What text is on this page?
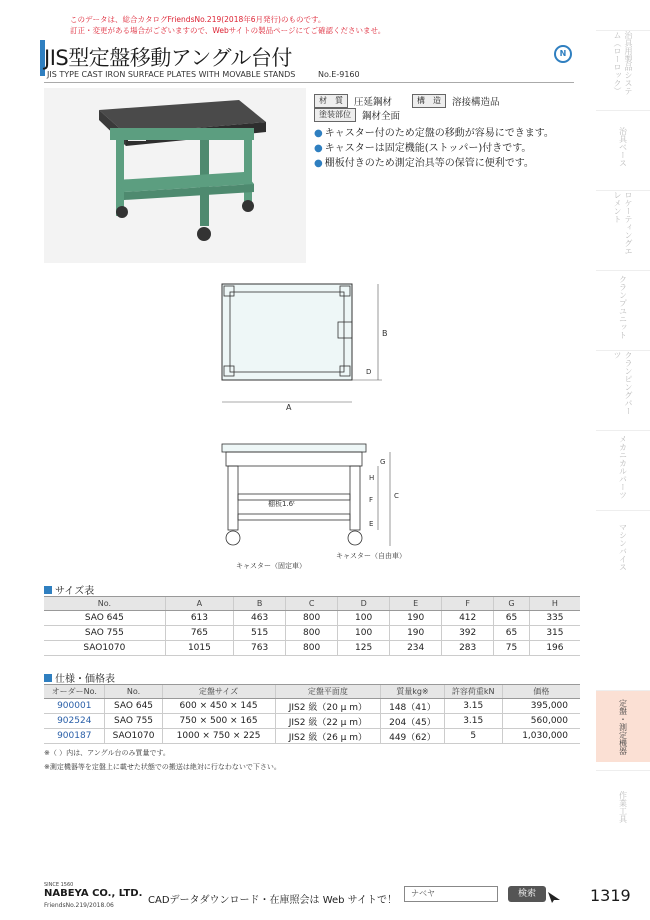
このデータは、総合カタログFriendsNo.219(2018年6月発行)のものです。
訂正・変更がある場合がございますので、Webサイトの製品ページにてご確認くださいませ。
JIS型定盤移動アングル台付
JIS TYPE CAST IRON SURFACE PLATES WITH MOVABLE STANDS	No.E-9160
N
材　質	圧延鋼材	構　造	溶接構造品
塗装部位	鋼材全面
● キャスター付のため定盤の移動が容易にできます。
● キャスターは固定機能(ストッパー)付きです。
● 棚板付きのため測定治具等の保管に便利です。
B
A
D
G
H
F
E
C
棚板1.6ᵗ
キャスター（自由車）
キャスター（固定車）
サイズ表
No.	A	B	C	D	E	F	G	H
SAO 645	613	463	800	100	190	412	65	335
SAO 755	765	515	800	100	190	392	65	315
SAO1070	1015	763	800	125	234	283	75	196
仕様・価格表
オーダーNo.	No.	定盤サイズ	定盤平面度	質量kg※	許容荷重kN	価格
900001	SAO 645	600 × 450 × 145	JIS2 級（20 μ m）	148（41）	3.15	395,000
902524	SAO 755	750 × 500 × 165	JIS2 級（22 μ m）	204（45）	3.15	560,000
900187	SAO1070	1000 × 750 × 225	JIS2 級（26 μ m）	449（62）	5	1,030,000
※（ ）内は、アングル台のみ質量です。
※測定機器等を定盤上に載せた状態での搬送は絶対に行なわないで下さい。
治具用製品システム（ローロック）
治具ベース
ロケーティングエレメント
クランプユニット
クランピングパーツ
メカニカルパーツ
マシンバイス
定盤・測定機器
作業工具
SINCE 1560
NABEYA CO., LTD.
FriendsNo.219/2018.06	CADデータダウンロード・在庫照会は Web サイトで！
ナベヤ	検索	1319
